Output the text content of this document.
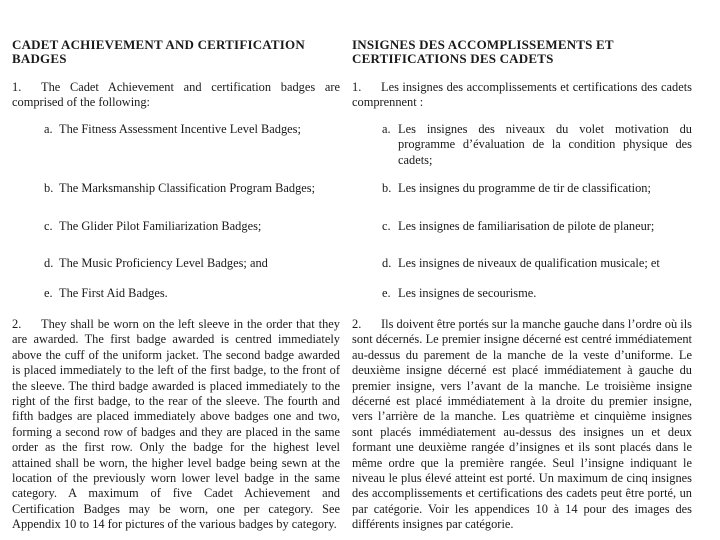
CADET ACHIEVEMENT AND CERTIFICATION BADGES

1. The Cadet Achievement and certification badges are comprised of the following:

a. The Fitness Assessment Incentive Level Badges;
b. The Marksmanship Classification Program Badges;
c. The Glider Pilot Familiarization Badges;
d. The Music Proficiency Level Badges; and
e. The First Aid Badges.

2. They shall be worn on the left sleeve in the order that they are awarded. The first badge awarded is centred immediately above the cuff of the uniform jacket. The second badge awarded is placed immediately to the left of the first badge, to the front of the sleeve. The third badge awarded is placed immediately to the right of the first badge, to the rear of the sleeve. The fourth and fifth badges are placed immediately above badges one and two, forming a second row of badges and they are placed in the same order as the first row. Only the badge for the highest level attained shall be worn, the higher level badge being sewn at the location of the previously worn lower level badge in the same category. A maximum of five Cadet Achievement and Certification Badges may be worn, one per category. See Appendix 10 to 14 for pictures of the various badges by category.

INSIGNES DES ACCOMPLISSEMENTS ET CERTIFICATIONS DES CADETS

1. Les insignes des accomplissements et certifications des cadets comprennent :

a. Les insignes des niveaux du volet motivation du programme d’évaluation de la condition physique des cadets;
b. Les insignes du programme de tir de classification;
c. Les insignes de familiarisation de pilote de planeur;
d. Les insignes de niveaux de qualification musicale; et
e. Les insignes de secourisme.

2. Ils doivent être portés sur la manche gauche dans l’ordre où ils sont décernés. Le premier insigne décerné est centré immédiatement au-dessus du parement de la manche de la veste d’uniforme. Le deuxième insigne décerné est placé immédiatement à gauche du premier insigne, vers l’avant de la manche. Le troisième insigne décerné est placé immédiatement à la droite du premier insigne, vers l’arrière de la manche. Les quatrième et cinquième insignes sont placés immédiatement au-dessus des insignes un et deux formant une deuxième rangée d’insignes et ils sont placés dans le même ordre que la première rangée. Seul l’insigne indiquant le niveau le plus élevé atteint est porté. Un maximum de cinq insignes des accomplissements et certifications des cadets peut être porté, un par catégorie. Voir les appendices 10 à 14 pour des images des différents insignes par catégorie.
